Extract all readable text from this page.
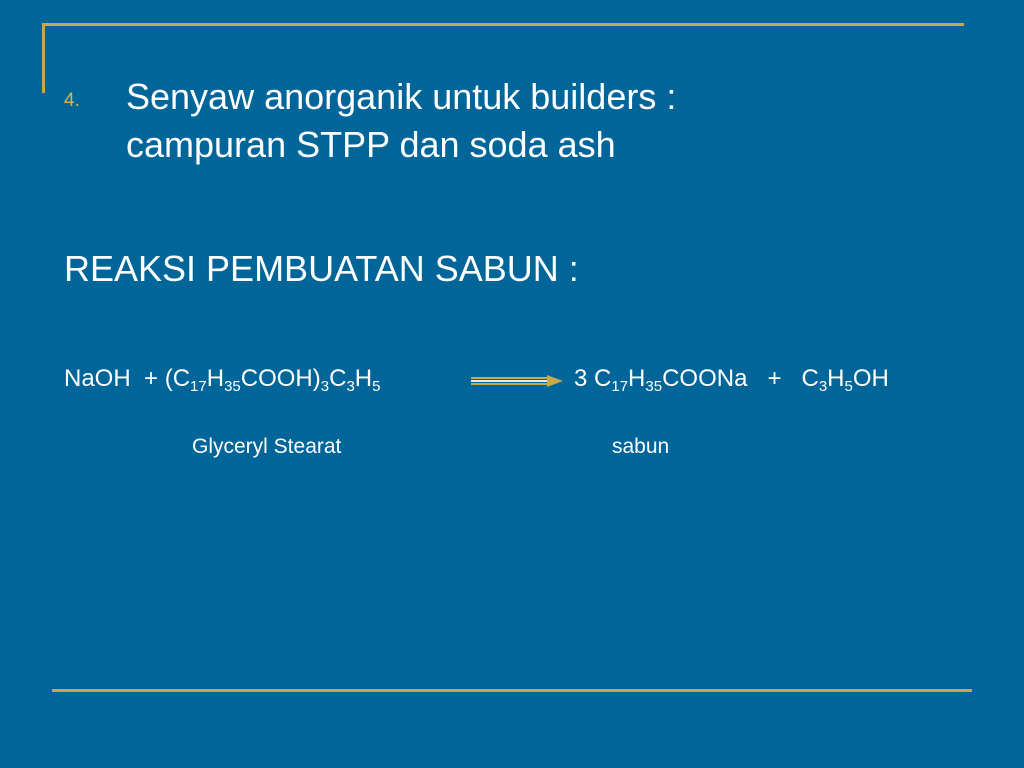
4. Senyaw anorganik untuk builders :
campuran STPP dan soda ash
REAKSI PEMBUATAN SABUN :
NaOH + $(C_{17}H_{35}COOH)_3C_3H_5$	3 $C_{17}H_{35}COONa + C_3H_5OH$
Glyceryl Stearat	sabun
